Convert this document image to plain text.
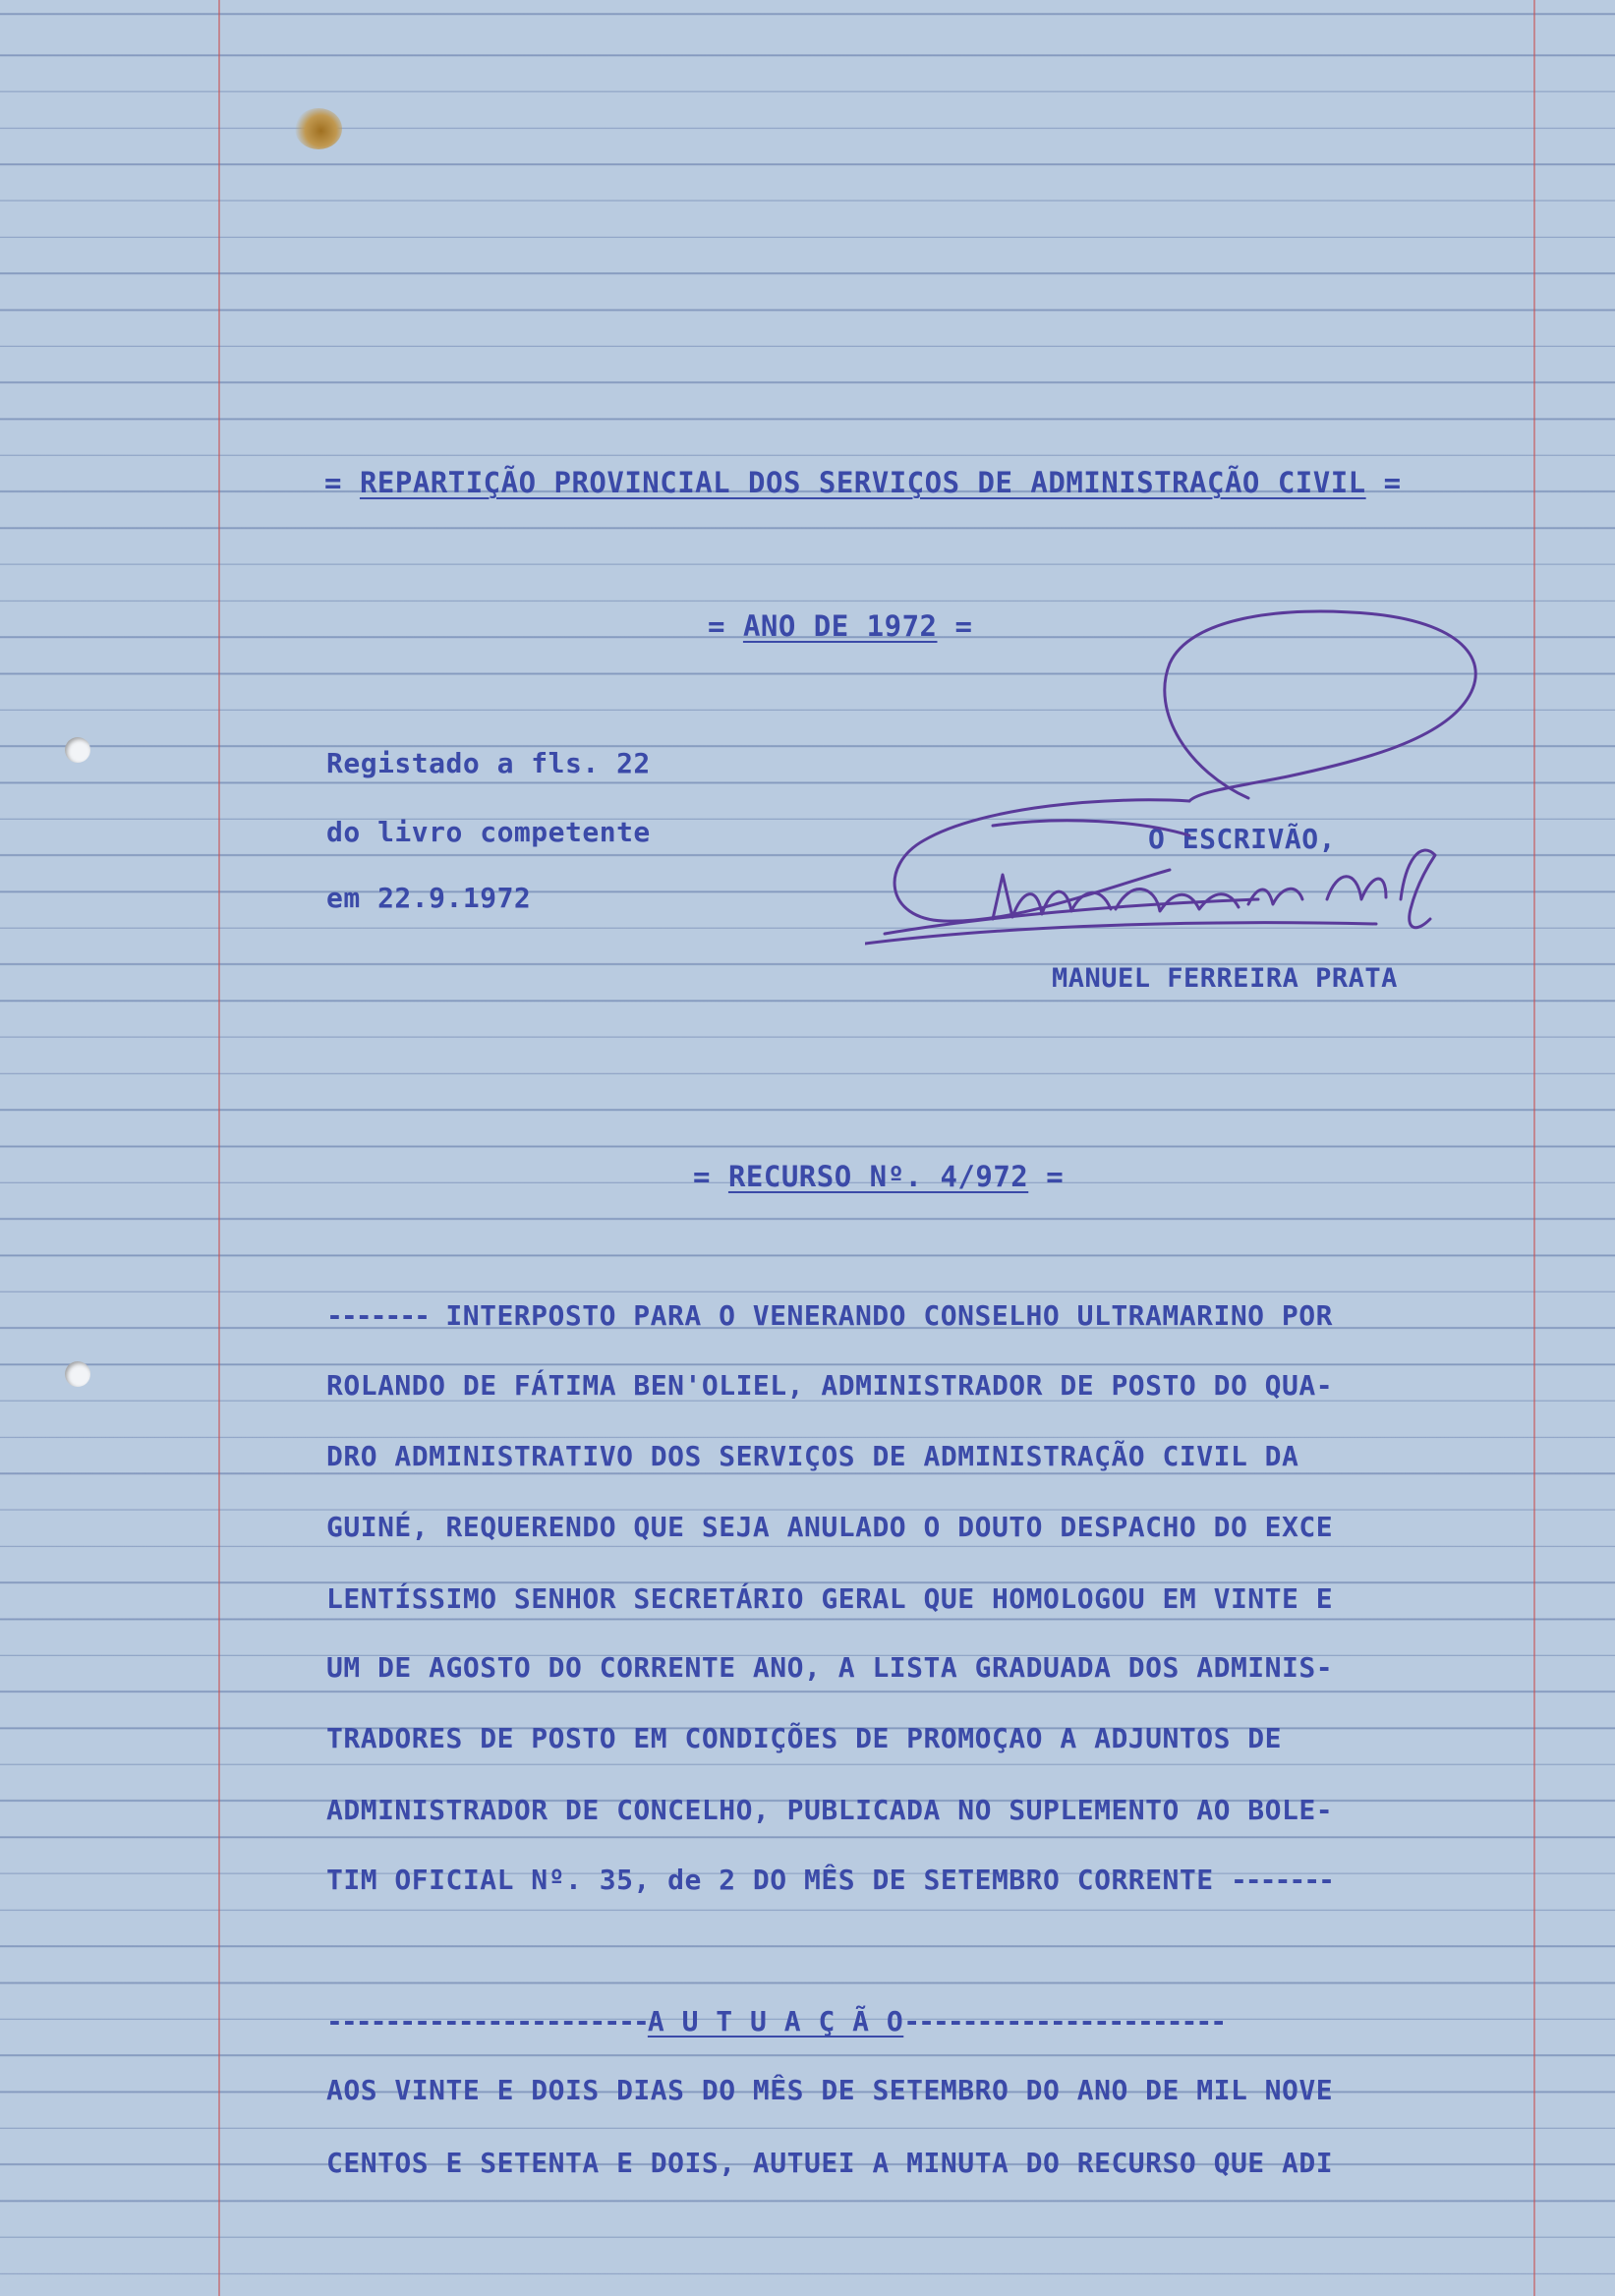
= REPARTIÇÃO PROVINCIAL DOS SERVIÇOS DE ADMINISTRAÇÃO CIVIL =
= ANO DE 1972 =
Registado a fls. 22
do livro competente
em 22.9.1972
O ESCRIVÃO,
MANUEL FERREIRA PRATA
= RECURSO Nº. 4/972 =
------- INTERPOSTO PARA O VENERANDO CONSELHO ULTRAMARINO POR
ROLANDO DE FÁTIMA BEN'OLIEL, ADMINISTRADOR DE POSTO DO QUA-
DRO ADMINISTRATIVO DOS SERVIÇOS DE ADMINISTRAÇÃO CIVIL DA
GUINÉ, REQUERENDO QUE SEJA ANULADO O DOUTO DESPACHO DO EXCE
LENTÍSSIMO SENHOR SECRETÁRIO GERAL QUE HOMOLOGOU EM VINTE E
UM DE AGOSTO DO CORRENTE ANO, A LISTA GRADUADA DOS ADMINIS-
TRADORES DE POSTO EM CONDIÇÕES DE PROMOÇAO A ADJUNTOS DE
ADMINISTRADOR DE CONCELHO, PUBLICADA NO SUPLEMENTO AO BOLE-
TIM OFICIAL Nº. 35, de 2 DO MÊS DE SETEMBRO CORRENTE -------
----------------------A U T U A Ç Ã O----------------------
AOS VINTE E DOIS DIAS DO MÊS DE SETEMBRO DO ANO DE MIL NOVE
CENTOS E SETENTA E DOIS, AUTUEI A MINUTA DO RECURSO QUE ADI
